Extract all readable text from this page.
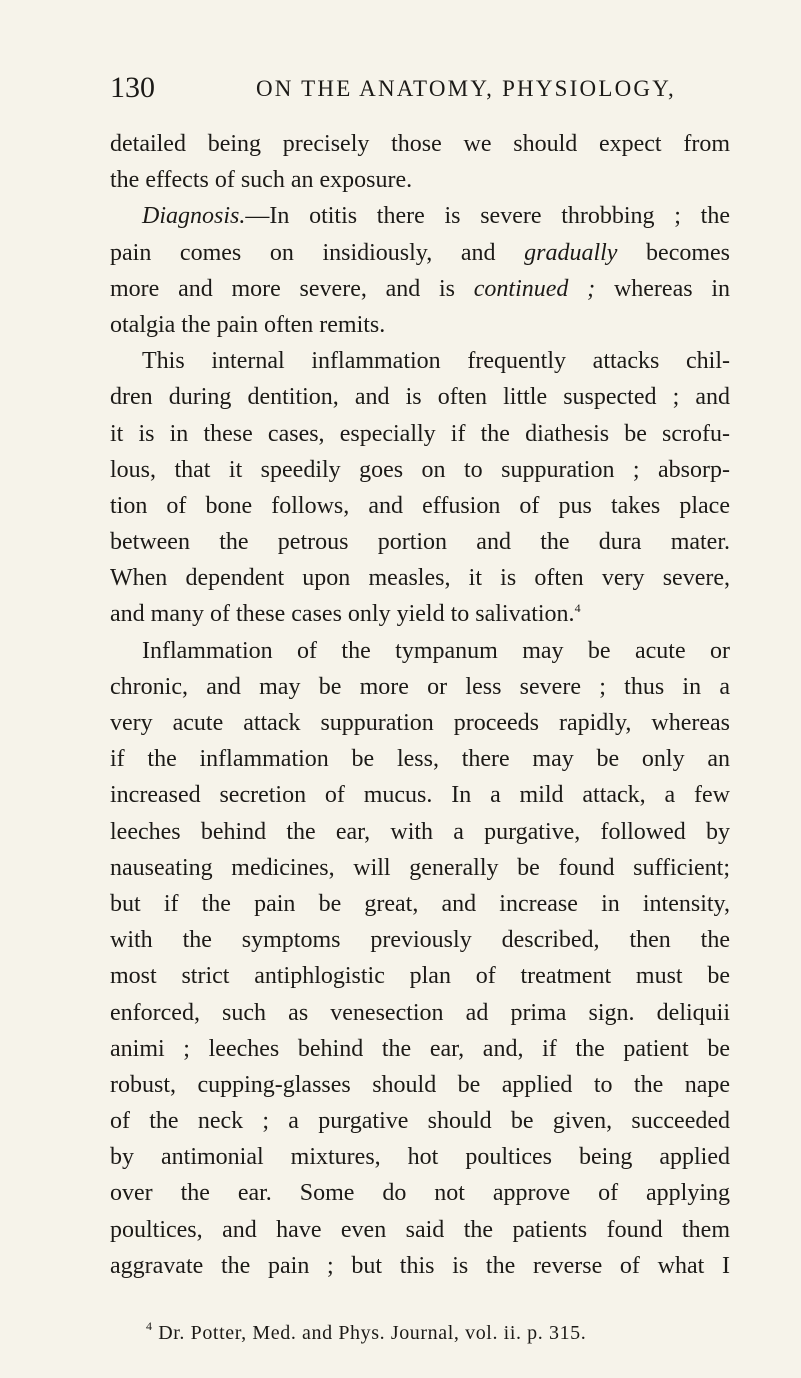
130	ON THE ANATOMY, PHYSIOLOGY,
detailed being precisely those we should expect from
the effects of such an exposure.
Diagnosis.—In otitis there is severe throbbing ; the
pain comes on insidiously, and gradually becomes
more and more severe, and is continued ; whereas in
otalgia the pain often remits.
This internal inflammation frequently attacks chil-
dren during dentition, and is often little suspected ; and
it is in these cases, especially if the diathesis be scrofu-
lous, that it speedily goes on to suppuration ; absorp-
tion of bone follows, and effusion of pus takes place
between the petrous portion and the dura mater.
When dependent upon measles, it is often very severe,
and many of these cases only yield to salivation.$^4$
Inflammation of the tympanum may be acute or
chronic, and may be more or less severe ; thus in a
very acute attack suppuration proceeds rapidly, whereas
if the inflammation be less, there may be only an
increased secretion of mucus. In a mild attack, a few
leeches behind the ear, with a purgative, followed by
nauseating medicines, will generally be found sufficient;
but if the pain be great, and increase in intensity,
with the symptoms previously described, then the
most strict antiphlogistic plan of treatment must be
enforced, such as venesection ad prima sign. deliquii
animi ; leeches behind the ear, and, if the patient be
robust, cupping-glasses should be applied to the nape
of the neck ; a purgative should be given, succeeded
by antimonial mixtures, hot poultices being applied
over the ear. Some do not approve of applying
poultices, and have even said the patients found them
aggravate the pain ; but this is the reverse of what I
$^4$ Dr. Potter, Med. and Phys. Journal, vol. ii. p. 315.
